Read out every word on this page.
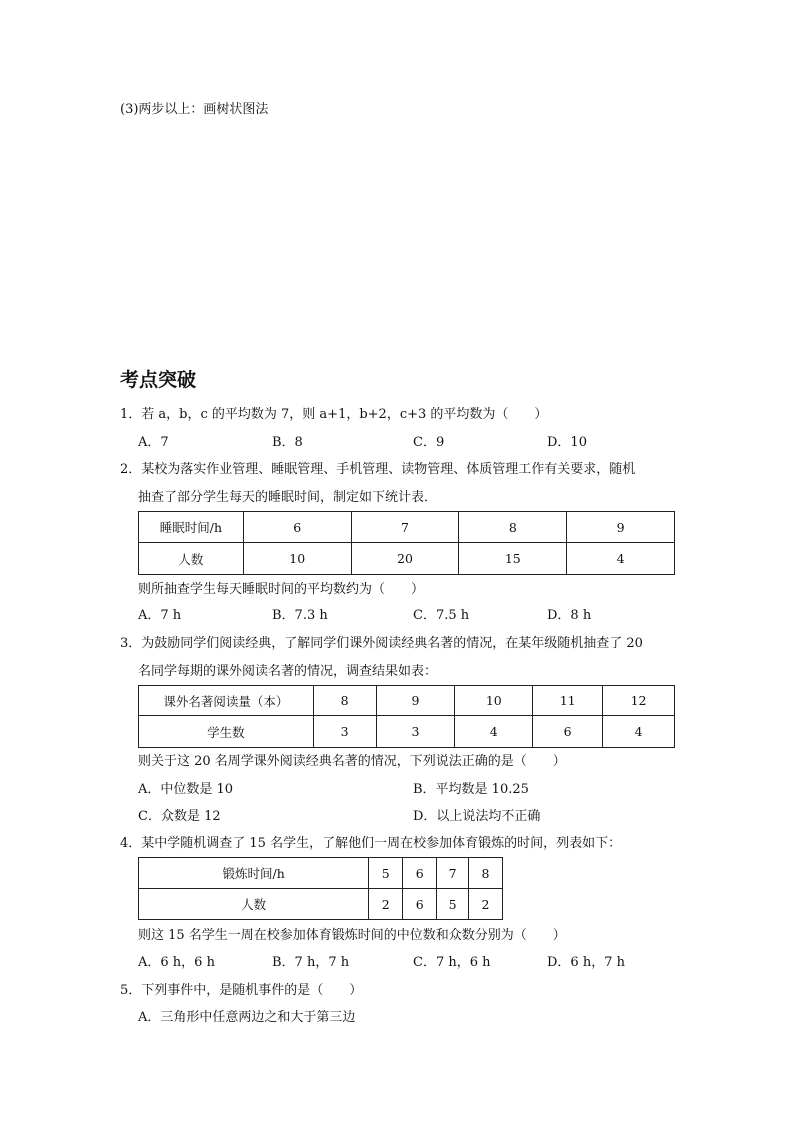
(3)两步以上：画树状图法
考点突破
1．若 a，b，c 的平均数为 7，则 a+1，b+2，c+3 的平均数为（　　）
A．7	B．8	C．9	D．10
2．某校为落实作业管理、睡眠管理、手机管理、读物管理、体质管理工作有关要求，随机
抽查了部分学生每天的睡眠时间，制定如下统计表．
睡眠时间/h	6	7	8	9
人数	10	20	15	4
则所抽查学生每天睡眠时间的平均数约为（　　）
A．7 h	B．7.3 h	C．7.5 h	D．8 h
3．为鼓励同学们阅读经典，了解同学们课外阅读经典名著的情况，在某年级随机抽查了 20
名同学每期的课外阅读名著的情况，调查结果如表：
课外名著阅读量（本）	8	9	10	11	12
学生数	3	3	4	6	4
则关于这 20 名周学课外阅读经典名著的情况，下列说法正确的是（　　）
A．中位数是 10	B．平均数是 10.25
C．众数是 12	D．以上说法均不正确
4．某中学随机调查了 15 名学生，了解他们一周在校参加体育锻炼的时间，列表如下：
锻炼时间/h	5	6	7	8
人数	2	6	5	2
则这 15 名学生一周在校参加体育锻炼时间的中位数和众数分别为（　　）
A．6 h，6 h	B．7 h，7 h	C．7 h，6 h	D．6 h，7 h
5．下列事件中，是随机事件的是（　　）
A．三角形中任意两边之和大于第三边
